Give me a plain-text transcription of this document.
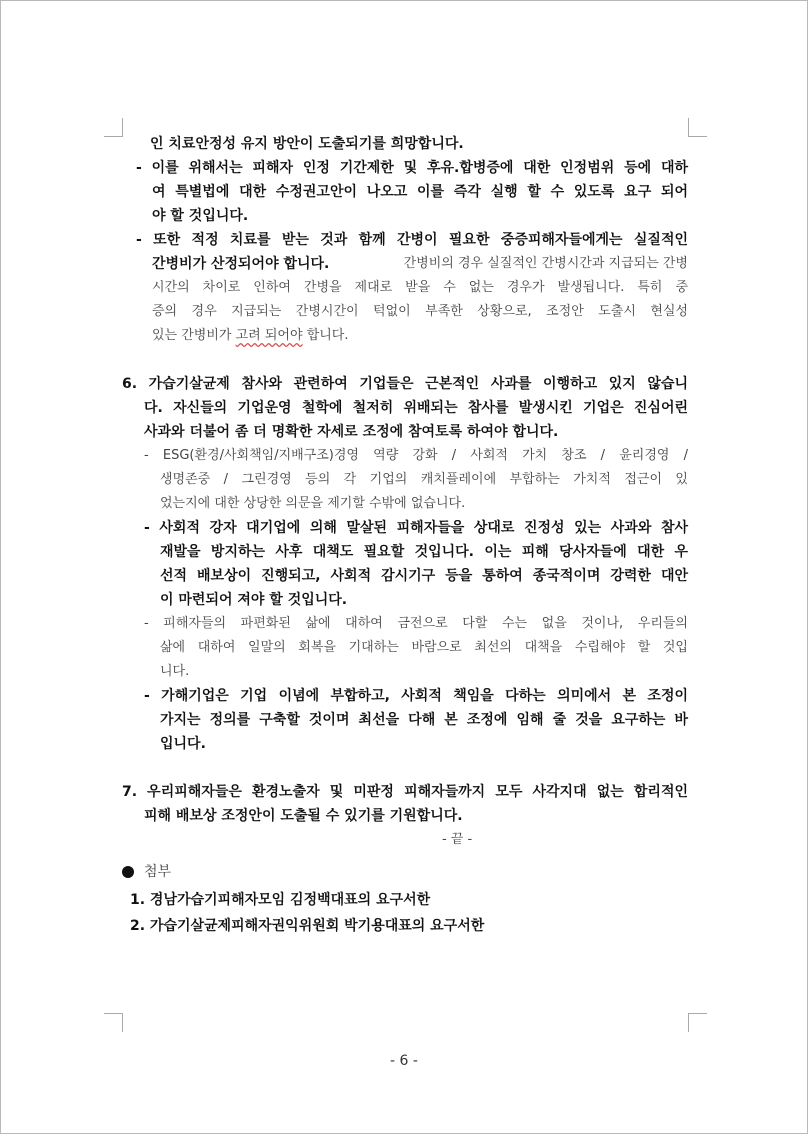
인 치료안정성 유지 방안이 도출되기를 희망합니다.
- 이를 위해서는 피해자 인정 기간제한 및 후유.합병증에 대한 인정범위 등에 대하
여 특별법에 대한 수정권고안이 나오고 이를 즉각 실행 할 수 있도록 요구 되어
야 할 것입니다.
- 또한 적정 치료를 받는 것과 함께 간병이 필요한 중증피해자들에게는 실질적인
간병비가 산정되어야 합니다.	간병비의 경우 실질적인 간병시간과 지급되는 간병
시간의 차이로 인하여 간병을 제대로 받을 수 없는 경우가 발생됩니다. 특히 중
증의 경우 지급되는 간병시간이 턱없이 부족한 상황으로, 조정안 도출시 현실성
있는 간병비가 고려 되어야 합니다.
6. 가습기살균제 참사와 관련하여 기업들은 근본적인 사과를 이행하고 있지 않습니
다. 자신들의 기업운영 철학에 철저히 위배되는 참사를 발생시킨 기업은 진심어린
사과와 더불어 좀 더 명확한 자세로 조정에 참여토록 하여야 합니다.
- ESG(환경/사회책임/지배구조)경영 역량 강화 / 사회적 가치 창조 / 윤리경영 /
생명존중 / 그린경영 등의 각 기업의 캐치플레이에 부합하는 가치적 접근이 있
었는지에 대한 상당한 의문을 제기할 수밖에 없습니다.
- 사회적 강자 대기업에 의해 말살된 피해자들을 상대로 진정성 있는 사과와 참사
재발을 방지하는 사후 대책도 필요할 것입니다. 이는 피해 당사자들에 대한 우
선적 배보상이 진행되고, 사회적 감시기구 등을 통하여 종국적이며 강력한 대안
이 마련되어 져야 할 것입니다.
- 피해자들의 파편화된 삶에 대하여 금전으로 다할 수는 없을 것이나, 우리들의
삶에 대하여 일말의 회복을 기대하는 바람으로 최선의 대책을 수립해야 할 것입
니다.
- 가해기업은 기업 이념에 부합하고, 사회적 책임을 다하는 의미에서 본 조정이
가지는 정의를 구축할 것이며 최선을 다해 본 조정에 임해 줄 것을 요구하는 바
입니다.
7. 우리피해자들은 환경노출자 및 미판정 피해자들까지 모두 사각지대 없는 합리적인
피해 배보상 조정안이 도출될 수 있기를 기원합니다.
- 끝 -
첨부
1. 경남가습기피해자모임 김정백대표의 요구서한
2. 가습기살균제피해자권익위원회 박기용대표의 요구서한
- 6 -
